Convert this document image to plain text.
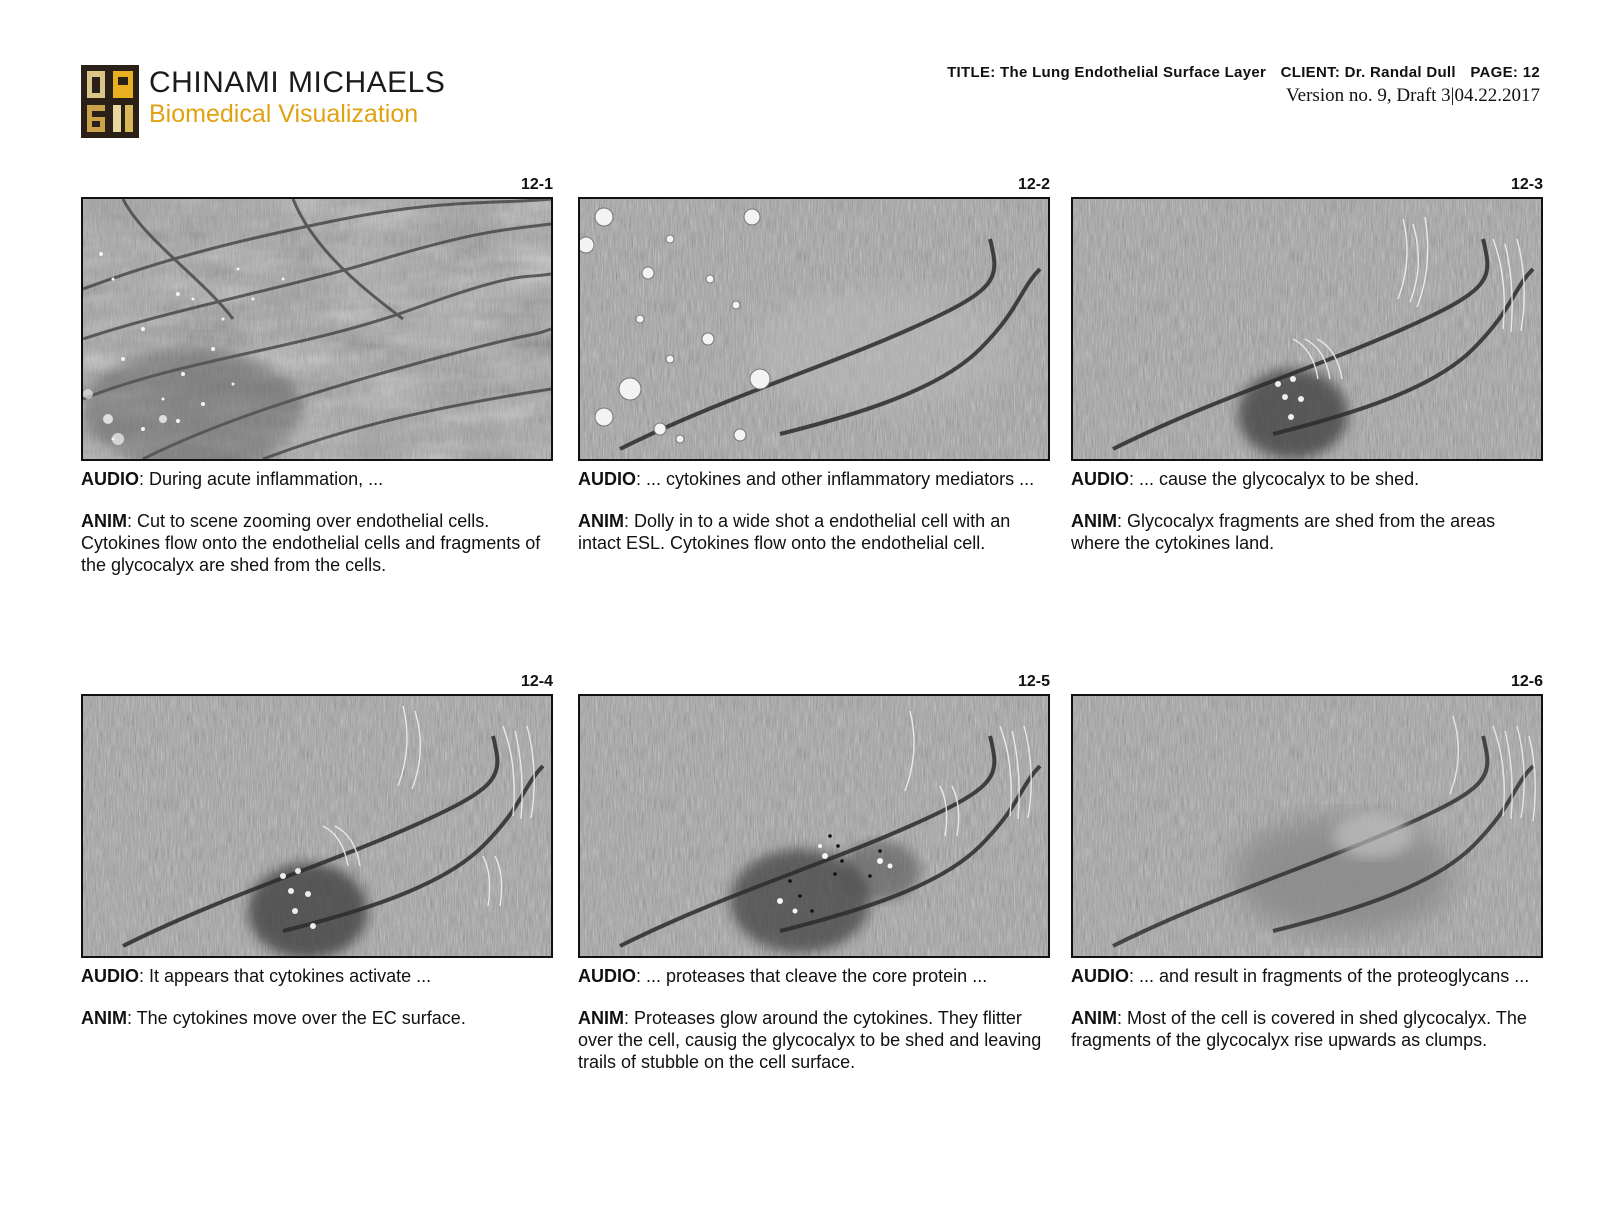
CHINAMI MICHAELS
Biomedical Visualization
TITLE: The Lung Endothelial Surface Layer CLIENT: Dr. Randal Dull PAGE: 12
Version no. 9, Draft 3|04.22.2017
12-1
AUDIO: During acute inflammation, ...
ANIM: Cut to scene zooming over endothelial cells. Cytokines flow onto the endothelial cells and fragments of the glycocalyx are shed from the cells.
12-2
AUDIO: ... cytokines and other inflammatory mediators ...
ANIM: Dolly in to a wide shot a endothelial cell with an intact ESL. Cytokines flow onto the endothelial cell.
12-3
AUDIO: ... cause the glycocalyx to be shed.
ANIM: Glycocalyx fragments are shed from the areas where the cytokines land.
12-4
AUDIO: It appears that cytokines activate ...
ANIM: The cytokines move over the EC surface.
12-5
AUDIO: ... proteases that cleave the core protein ...
ANIM: Proteases glow around the cytokines. They flitter over the cell, causig the glycocalyx to be shed and leaving trails of stubble on the cell surface.
12-6
AUDIO: ... and result in fragments of the proteoglycans ...
ANIM: Most of the cell is covered in shed glycocalyx. The fragments of the glycocalyx rise upwards as clumps.
